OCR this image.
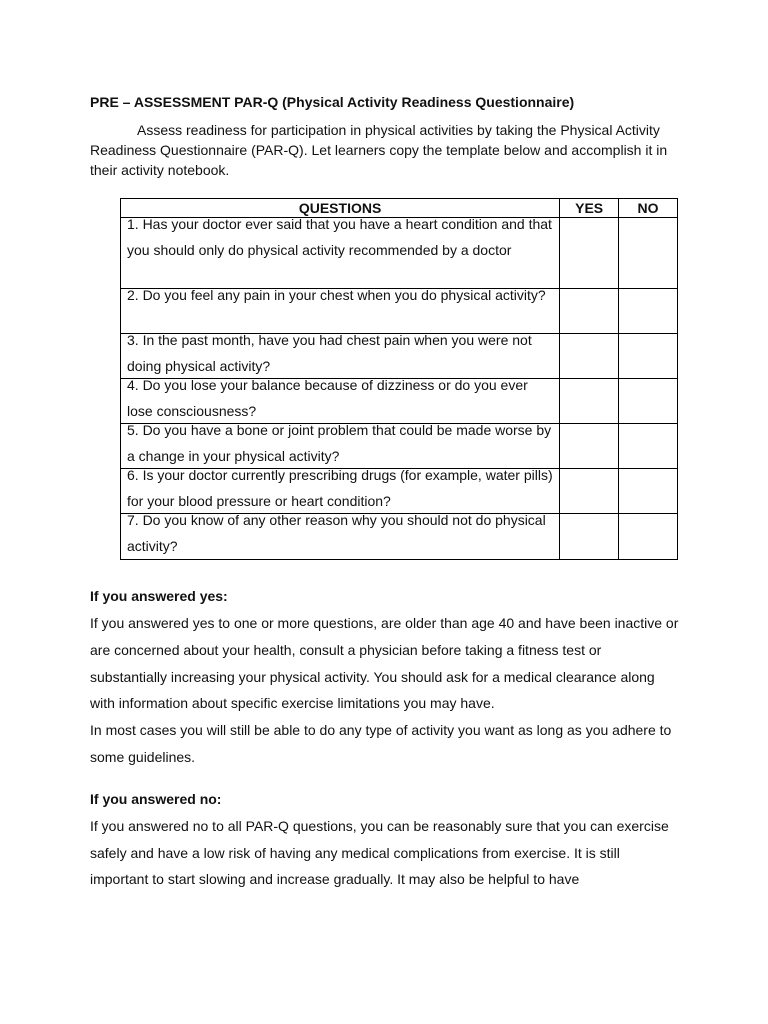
PRE – ASSESSMENT PAR-Q (Physical Activity Readiness Questionnaire)

Assess readiness for participation in physical activities by taking the Physical Activity Readiness Questionnaire (PAR-Q). Let learners copy the template below and accomplish it in their activity notebook.

QUESTIONS	YES	NO

1. Has your doctor ever said that you have a heart condition and that you should only do physical activity recommended by a doctor		

2. Do you feel any pain in your chest when you do physical activity?		

3. In the past month, have you had chest pain when you were not doing physical activity?		

4. Do you lose your balance because of dizziness or do you ever lose consciousness?		

5. Do you have a bone or joint problem that could be made worse by a change in your physical activity?		

6. Is your doctor currently prescribing drugs (for example, water pills) for your blood pressure or heart condition?		

7. Do you know of any other reason why you should not do physical activity?		

If you answered yes:

If you answered yes to one or more questions, are older than age 40 and have been inactive or are concerned about your health, consult a physician before taking a fitness test or substantially increasing your physical activity. You should ask for a medical clearance along with information about specific exercise limitations you may have.

In most cases you will still be able to do any type of activity you want as long as you adhere to some guidelines.

If you answered no:

If you answered no to all PAR-Q questions, you can be reasonably sure that you can exercise safely and have a low risk of having any medical complications from exercise. It is still important to start slowing and increase gradually. It may also be helpful to have
